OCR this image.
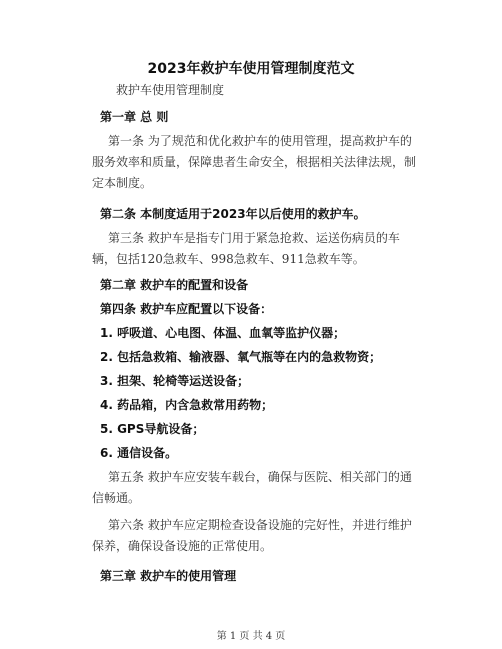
2023年救护车使用管理制度范文
救护车使用管理制度
第一章 总 则
第一条 为了规范和优化救护车的使用管理，提高救护车的服务效率和质量，保障患者生命安全，根据相关法律法规，制定本制度。
第二条 本制度适用于2023年以后使用的救护车。
第三条 救护车是指专门用于紧急抢救、运送伤病员的车辆，包括120急救车、998急救车、911急救车等。
第二章 救护车的配置和设备
第四条 救护车应配置以下设备：
1. 呼吸道、心电图、体温、血氧等监护仪器；
2. 包括急救箱、输液器、氧气瓶等在内的急救物资；
3. 担架、轮椅等运送设备；
4. 药品箱，内含急救常用药物；
5. GPS导航设备；
6. 通信设备。
第五条 救护车应安装车载台，确保与医院、相关部门的通信畅通。
第六条 救护车应定期检查设备设施的完好性，并进行维护保养，确保设备设施的正常使用。
第三章 救护车的使用管理
第 1 页 共 4 页
